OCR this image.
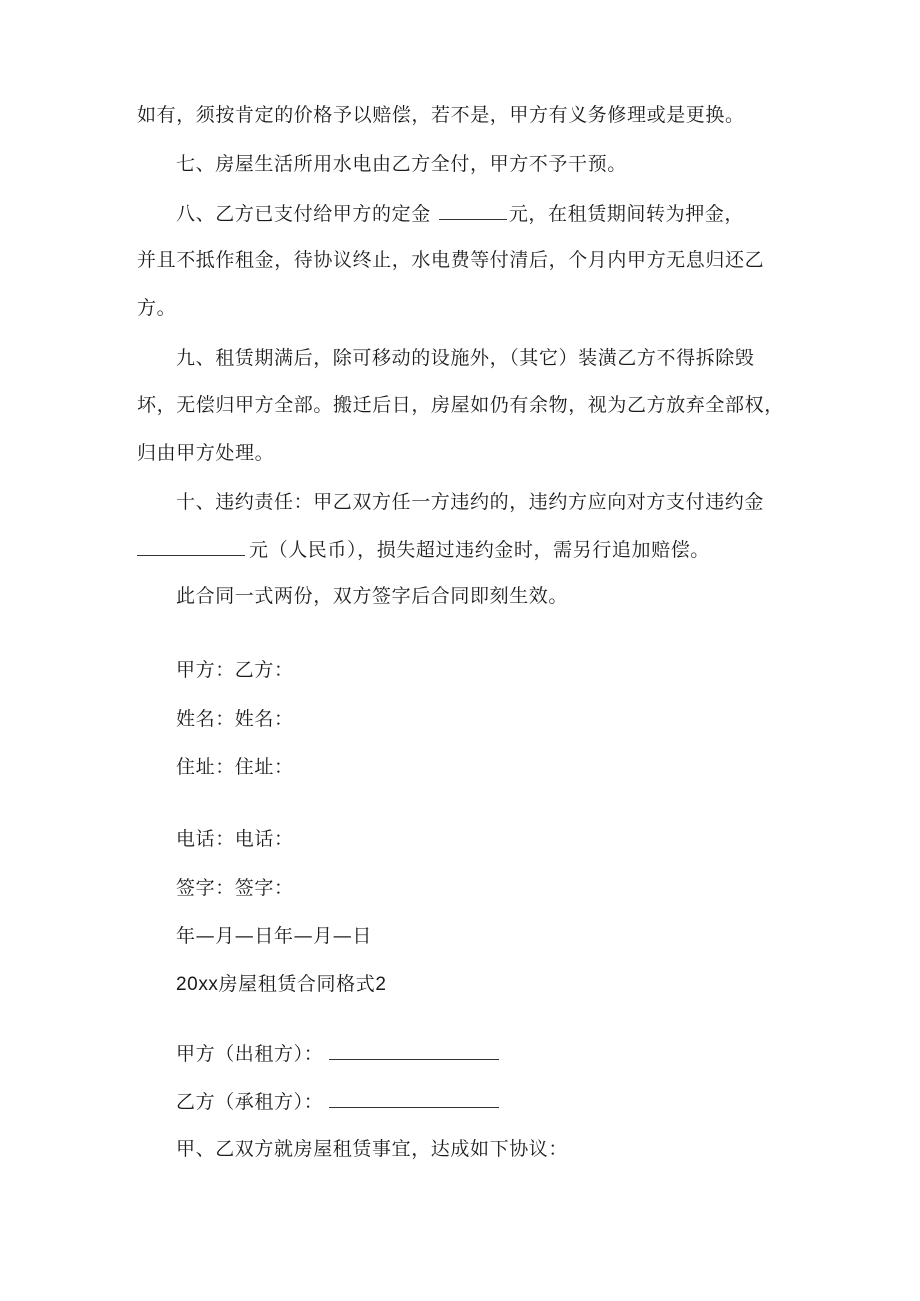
如有，须按肯定的价格予以赔偿，若不是，甲方有义务修理或是更换。
七、房屋生活所用水电由乙方全付，甲方不予干预。
八、乙方已支付给甲方的定金	元，在租赁期间转为押金，
并且不抵作租金，待协议终止，水电费等付清后，个月内甲方无息归还乙
方。
九、租赁期满后，除可移动的设施外，（其它）装潢乙方不得拆除毁
坏，无偿归甲方全部。搬迁后日，房屋如仍有余物，视为乙方放弃全部权，
归由甲方处理。
十、违约责任：甲乙双方任一方违约的，违约方应向对方支付违约金
元（人民币），损失超过违约金时，需另行追加赔偿。
此合同一式两份，双方签字后合同即刻生效。
甲方：乙方：
姓名：姓名：
住址：住址：
电话：电话：
签字：签字：
年—月—日年—月—日
20xx房屋租赁合同格式2
甲方（出租方）：
乙方（承租方）：
甲、乙双方就房屋租赁事宜，达成如下协议：
